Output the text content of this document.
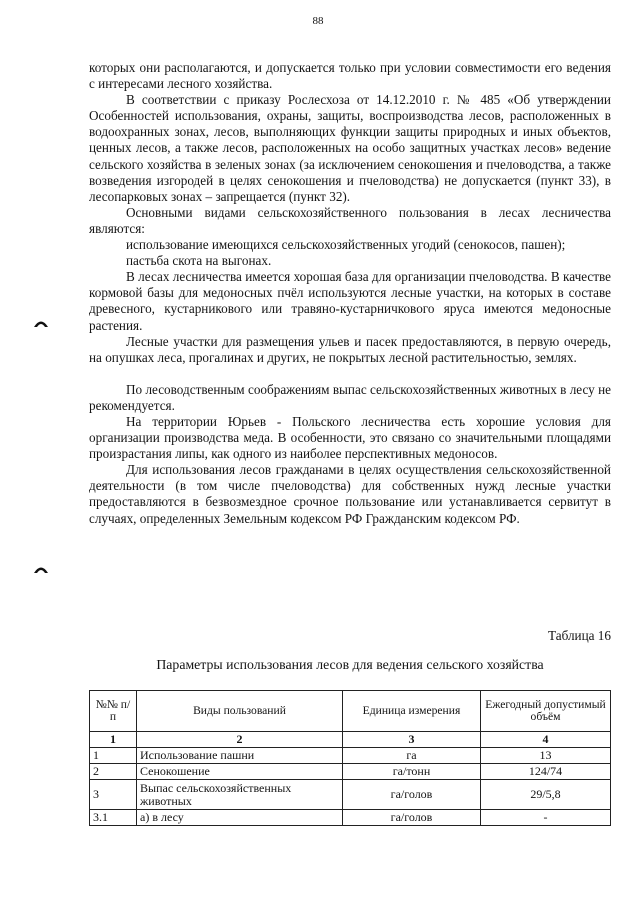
88

которых они располагаются, и допускается только при условии совместимости его ведения с интересами лесного хозяйства.

В соответствии с приказу Рослесхоза от 14.12.2010 г. № 485 «Об утверждении Особенностей использования, охраны, защиты, воспроизводства лесов, расположенных в водоохранных зонах, лесов, выполняющих функции защиты природных и иных объектов, ценных лесов, а также лесов, расположенных на особо защитных участках лесов» ведение сельского хозяйства в зеленых зонах (за исключением сенокошения и пчеловодства, а также возведения изгородей в целях сенокошения и пчеловодства) не допускается (пункт 33), в лесопарковых зонах – запрещается (пункт 32).

Основными видами сельскохозяйственного пользования в лесах лесничества являются:

использование имеющихся сельскохозяйственных угодий (сенокосов, пашен);

пастьба скота на выгонах.

В лесах лесничества имеется хорошая база для организации пчеловодства. В качестве кормовой базы для медоносных пчёл используются лесные участки, на которых в составе древесного, кустарникового или травяно-кустарничкового яруса имеются медоносные растения.

Лесные участки для размещения ульев и пасек предоставляются, в первую очередь, на опушках леса, прогалинах и других, не покрытых лесной растительностью, землях.

По лесоводственным соображениям выпас сельскохозяйственных животных в лесу не рекомендуется.

На территории Юрьев - Польского лесничества есть хорошие условия для организации производства меда. В особенности, это связано со значительными площадями произрастания липы, как одного из наиболее перспективных медоносов.

Для использования лесов гражданами в целях осуществления сельскохозяйственной деятельности (в том числе пчеловодства) для собственных нужд лесные участки предоставляются в безвозмездное срочное пользование или устанавливается сервитут в случаях, определенных Земельным кодексом РФ Гражданским кодексом РФ.

Таблица 16
Параметры использования лесов для ведения сельского хозяйства
№№ п/п	Виды пользований	Единица измерения	Ежегодный допустимый объём
1	2	3	4
1	Использование пашни	га	13
2	Сенокошение	га/тонн	124/74
3	Выпас сельскохозяйственных животных	га/голов	29/5,8
3.1	а) в лесу	га/голов	-
